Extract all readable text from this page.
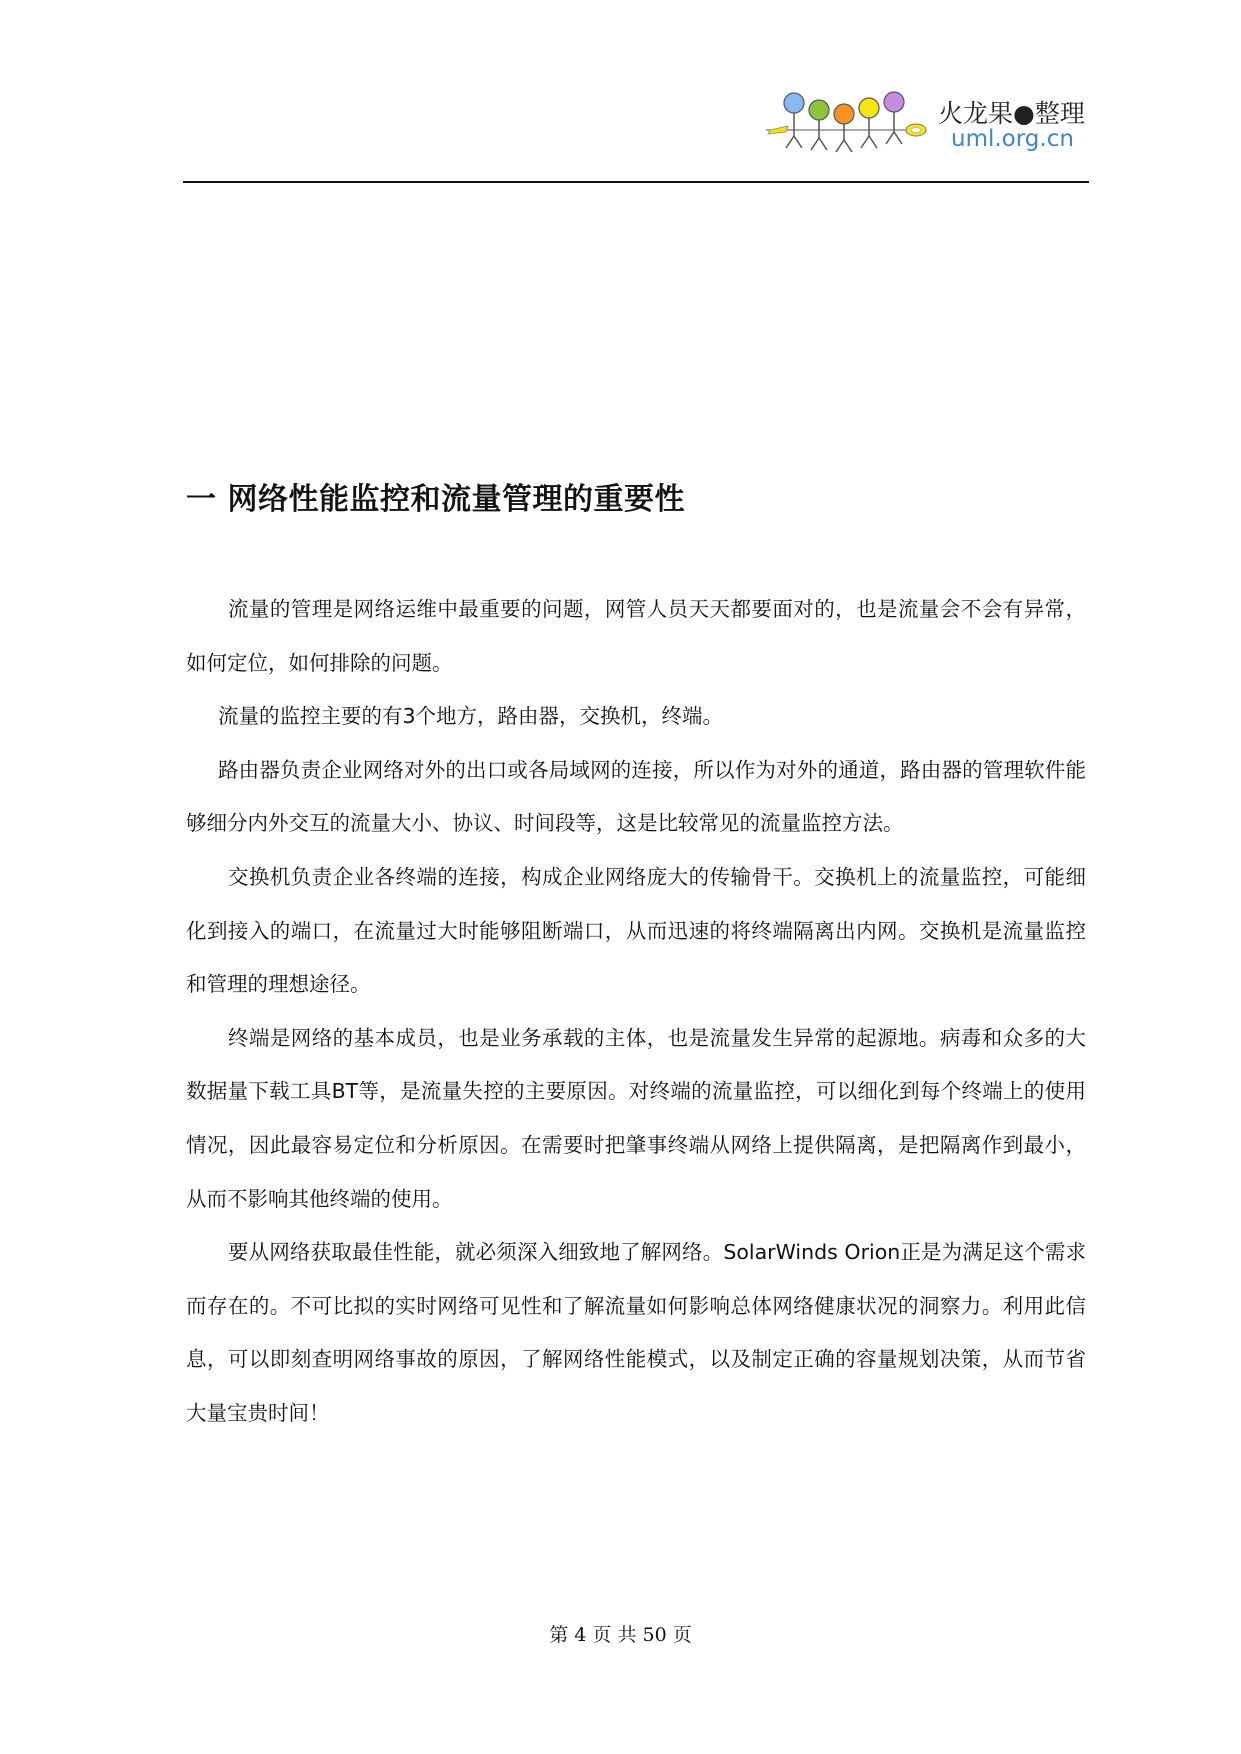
火龙果●整理
uml.org.cn
一 网络性能监控和流量管理的重要性

流量的管理是网络运维中最重要的问题，网管人员天天都要面对的，也是流量会不会有异常，如何定位，如何排除的问题。

流量的监控主要的有3个地方，路由器，交换机，终端。

路由器负责企业网络对外的出口或各局域网的连接，所以作为对外的通道，路由器的管理软件能够细分内外交互的流量大小、协议、时间段等，这是比较常见的流量监控方法。

交换机负责企业各终端的连接，构成企业网络庞大的传输骨干。交换机上的流量监控，可能细化到接入的端口，在流量过大时能够阻断端口，从而迅速的将终端隔离出内网。交换机是流量监控和管理的理想途径。

终端是网络的基本成员，也是业务承载的主体，也是流量发生异常的起源地。病毒和众多的大数据量下载工具BT等，是流量失控的主要原因。对终端的流量监控，可以细化到每个终端上的使用情况，因此最容易定位和分析原因。在需要时把肇事终端从网络上提供隔离，是把隔离作到最小，从而不影响其他终端的使用。

要从网络获取最佳性能，就必须深入细致地了解网络。SolarWinds Orion正是为满足这个需求而存在的。不可比拟的实时网络可见性和了解流量如何影响总体网络健康状况的洞察力。利用此信息，可以即刻查明网络事故的原因，了解网络性能模式，以及制定正确的容量规划决策，从而节省大量宝贵时间！

第 4 页 共 50 页
